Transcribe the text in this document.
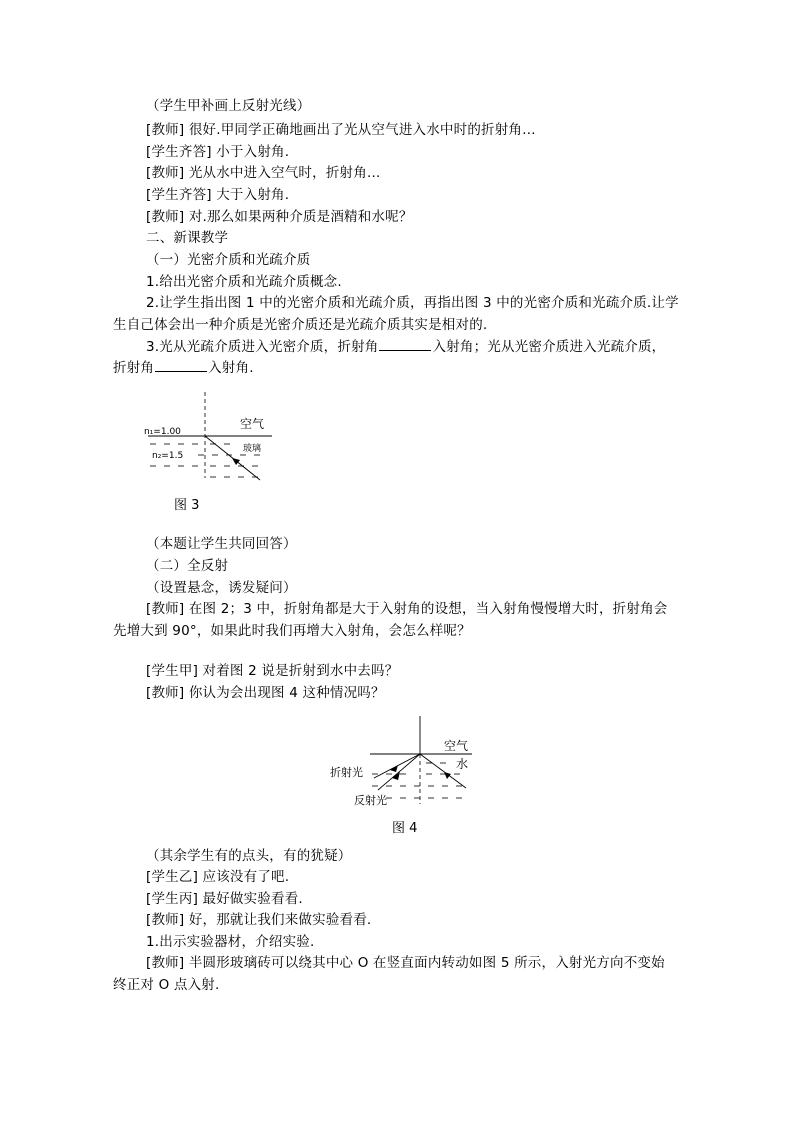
（学生甲补画上反射光线）
[教师] 很好.甲同学正确地画出了光从空气进入水中时的折射角…
[学生齐答] 小于入射角.
[教师] 光从水中进入空气时，折射角…
[学生齐答] 大于入射角.
[教师] 对.那么如果两种介质是酒精和水呢？
二、新课教学
（一）光密介质和光疏介质
1.给出光密介质和光疏介质概念.
2.让学生指出图 1 中的光密介质和光疏介质，再指出图 3 中的光密介质和光疏介质.让学
生自己体会出一种介质是光密介质还是光疏介质其实是相对的.
3.光从光疏介质进入光密介质，折射角	入射角；光从光密介质进入光疏介质，
折射角	入射角.
空气
玻璃
n₁=1.00
n₂=1.5
图 3
（本题让学生共同回答）
（二）全反射
（设置悬念，诱发疑问）
[教师] 在图 2；3 中，折射角都是大于入射角的设想，当入射角慢慢增大时，折射角会
先增大到 90°，如果此时我们再增大入射角，会怎么样呢？
[学生甲] 对着图 2 说是折射到水中去吗？
[教师] 你认为会出现图 4 这种情况吗？
空气
水
折射光
反射光
图 4
（其余学生有的点头，有的犹疑）
[学生乙] 应该没有了吧.
[学生丙] 最好做实验看看.
[教师] 好，那就让我们来做实验看看.
1.出示实验器材，介绍实验.
[教师] 半圆形玻璃砖可以绕其中心 O 在竖直面内转动如图 5 所示，入射光方向不变始
终正对 O 点入射.
